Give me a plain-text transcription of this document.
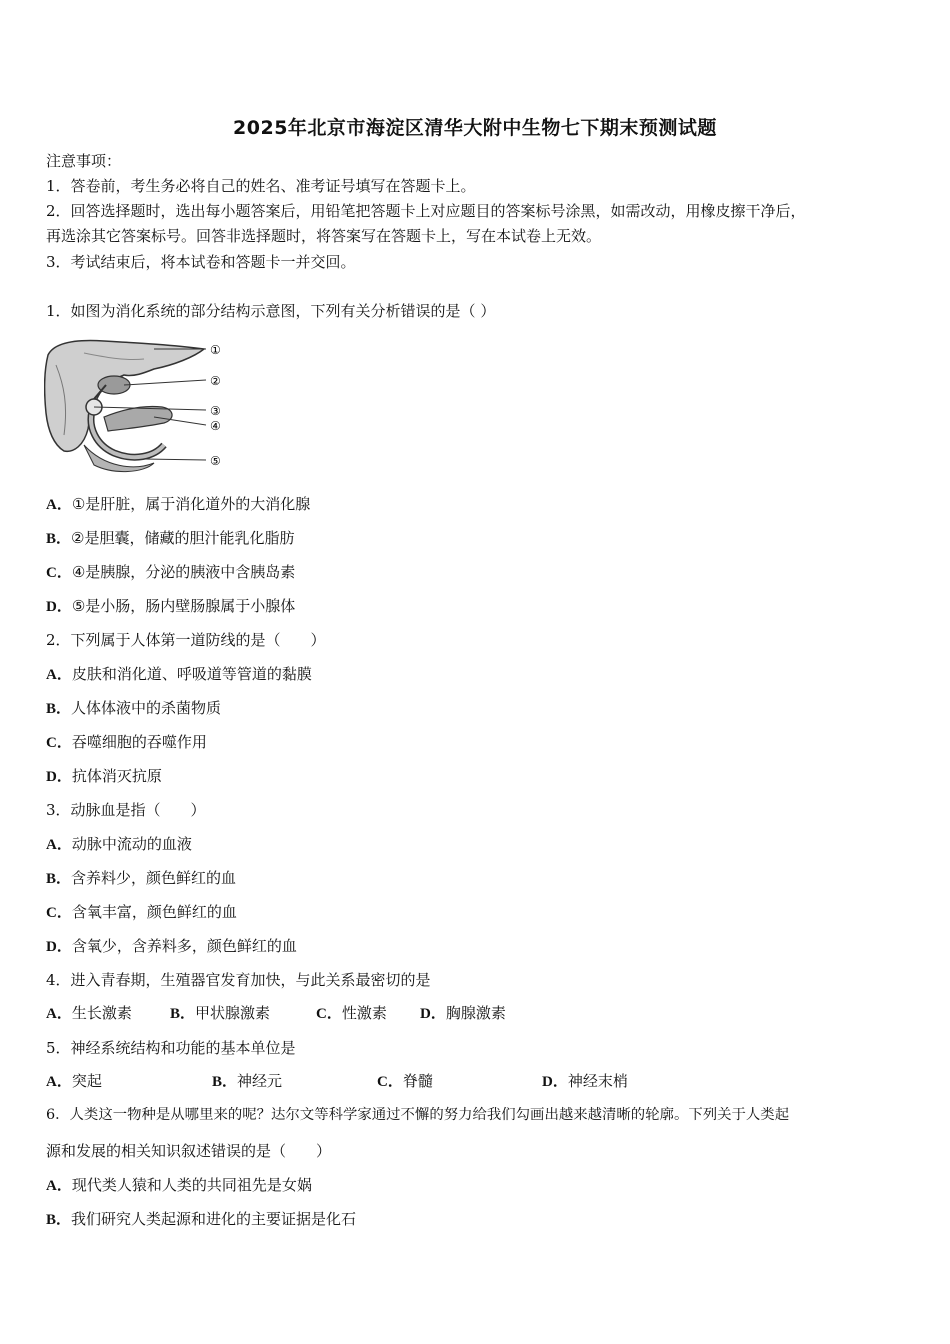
2025年北京市海淀区清华大附中生物七下期末预测试题
注意事项：
1．答卷前，考生务必将自己的姓名、准考证号填写在答题卡上。
2．回答选择题时，选出每小题答案后，用铅笔把答题卡上对应题目的答案标号涂黑，如需改动，用橡皮擦干净后，
再选涂其它答案标号。回答非选择题时，将答案写在答题卡上，写在本试卷上无效。
3．考试结束后，将本试卷和答题卡一并交回。
1．如图为消化系统的部分结构示意图，下列有关分析错误的是（ ）
①
②
③
④
⑤
A．①是肝脏，属于消化道外的大消化腺
B．②是胆囊，储藏的胆汁能乳化脂肪
C．④是胰腺，分泌的胰液中含胰岛素
D．⑤是小肠，肠内壁肠腺属于小腺体
2．下列属于人体第一道防线的是（　　）
A．皮肤和消化道、呼吸道等管道的黏膜
B．人体体液中的杀菌物质
C．吞噬细胞的吞噬作用
D．抗体消灭抗原
3．动脉血是指（　　）
A．动脉中流动的血液
B．含养料少，颜色鲜红的血
C．含氧丰富，颜色鲜红的血
D．含氧少，含养料多，颜色鲜红的血
4．进入青春期，生殖器官发育加快，与此关系最密切的是
A．生长激素	B．甲状腺激素	C．性激素 D．胸腺激素
5．神经系统结构和功能的基本单位是
A．突起	B．神经元	C．脊髓	D．神经末梢
6．人类这一物种是从哪里来的呢？达尔文等科学家通过不懈的努力给我们勾画出越来越清晰的轮廓。下列关于人类起
源和发展的相关知识叙述错误的是（　　）
A．现代类人猿和人类的共同祖先是女娲
B．我们研究人类起源和进化的主要证据是化石
